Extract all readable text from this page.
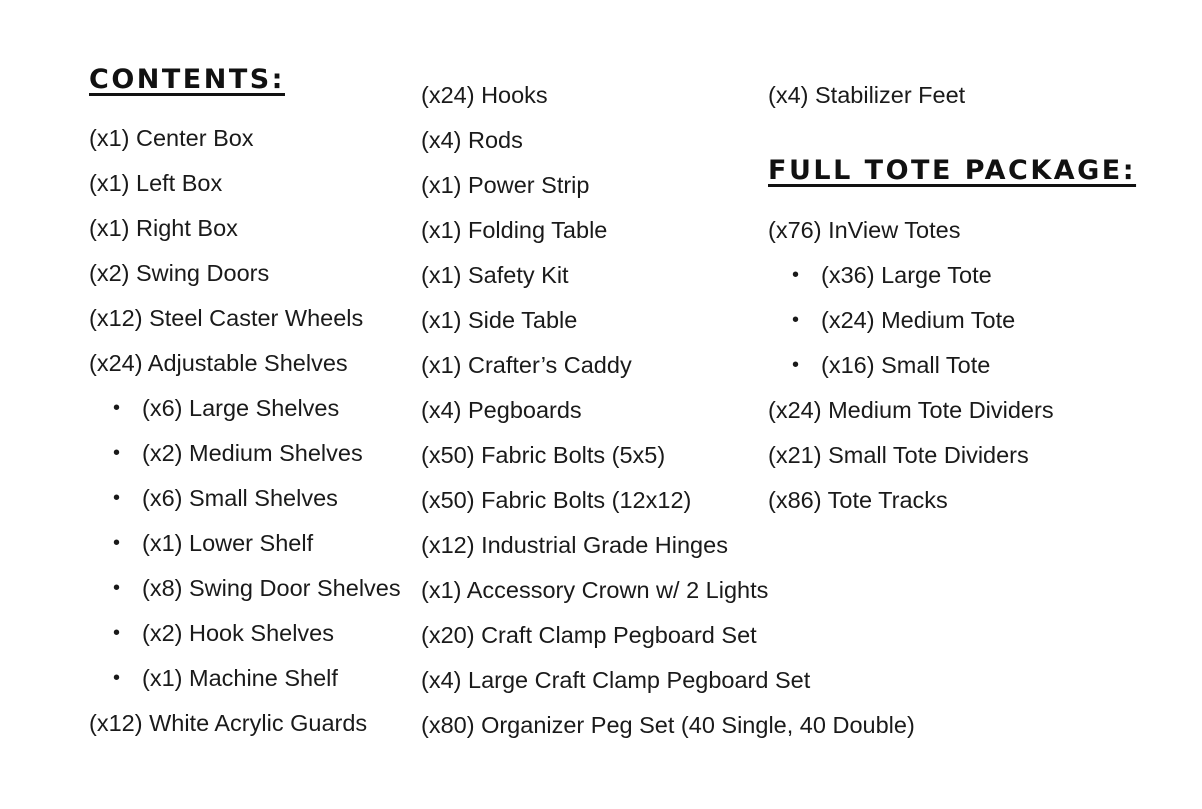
CONTENTS:
(x1) Center Box
(x1) Left Box
(x1) Right Box
(x2) Swing Doors
(x12) Steel Caster Wheels
(x24) Adjustable Shelves
• (x6) Large Shelves
• (x2) Medium Shelves
• (x6) Small Shelves
• (x1) Lower Shelf
• (x8) Swing Door Shelves
• (x2) Hook Shelves
• (x1) Machine Shelf
(x12) White Acrylic Guards
(x24) Hooks
(x4) Rods
(x1) Power Strip
(x1) Folding Table
(x1) Safety Kit
(x1) Side Table
(x1) Crafter’s Caddy
(x4) Pegboards
(x50) Fabric Bolts (5x5)
(x50) Fabric Bolts (12x12)
(x12) Industrial Grade Hinges
(x1) Accessory Crown w/ 2 Lights
(x20) Craft Clamp Pegboard Set
(x4) Large Craft Clamp Pegboard Set
(x80) Organizer Peg Set (40 Single, 40 Double)
FULL TOTE PACKAGE:
(x4) Stabilizer Feet
(x76) InView Totes
• (x36) Large Tote
• (x24) Medium Tote
• (x16) Small Tote
(x24) Medium Tote Dividers
(x21) Small Tote Dividers
(x86) Tote Tracks
